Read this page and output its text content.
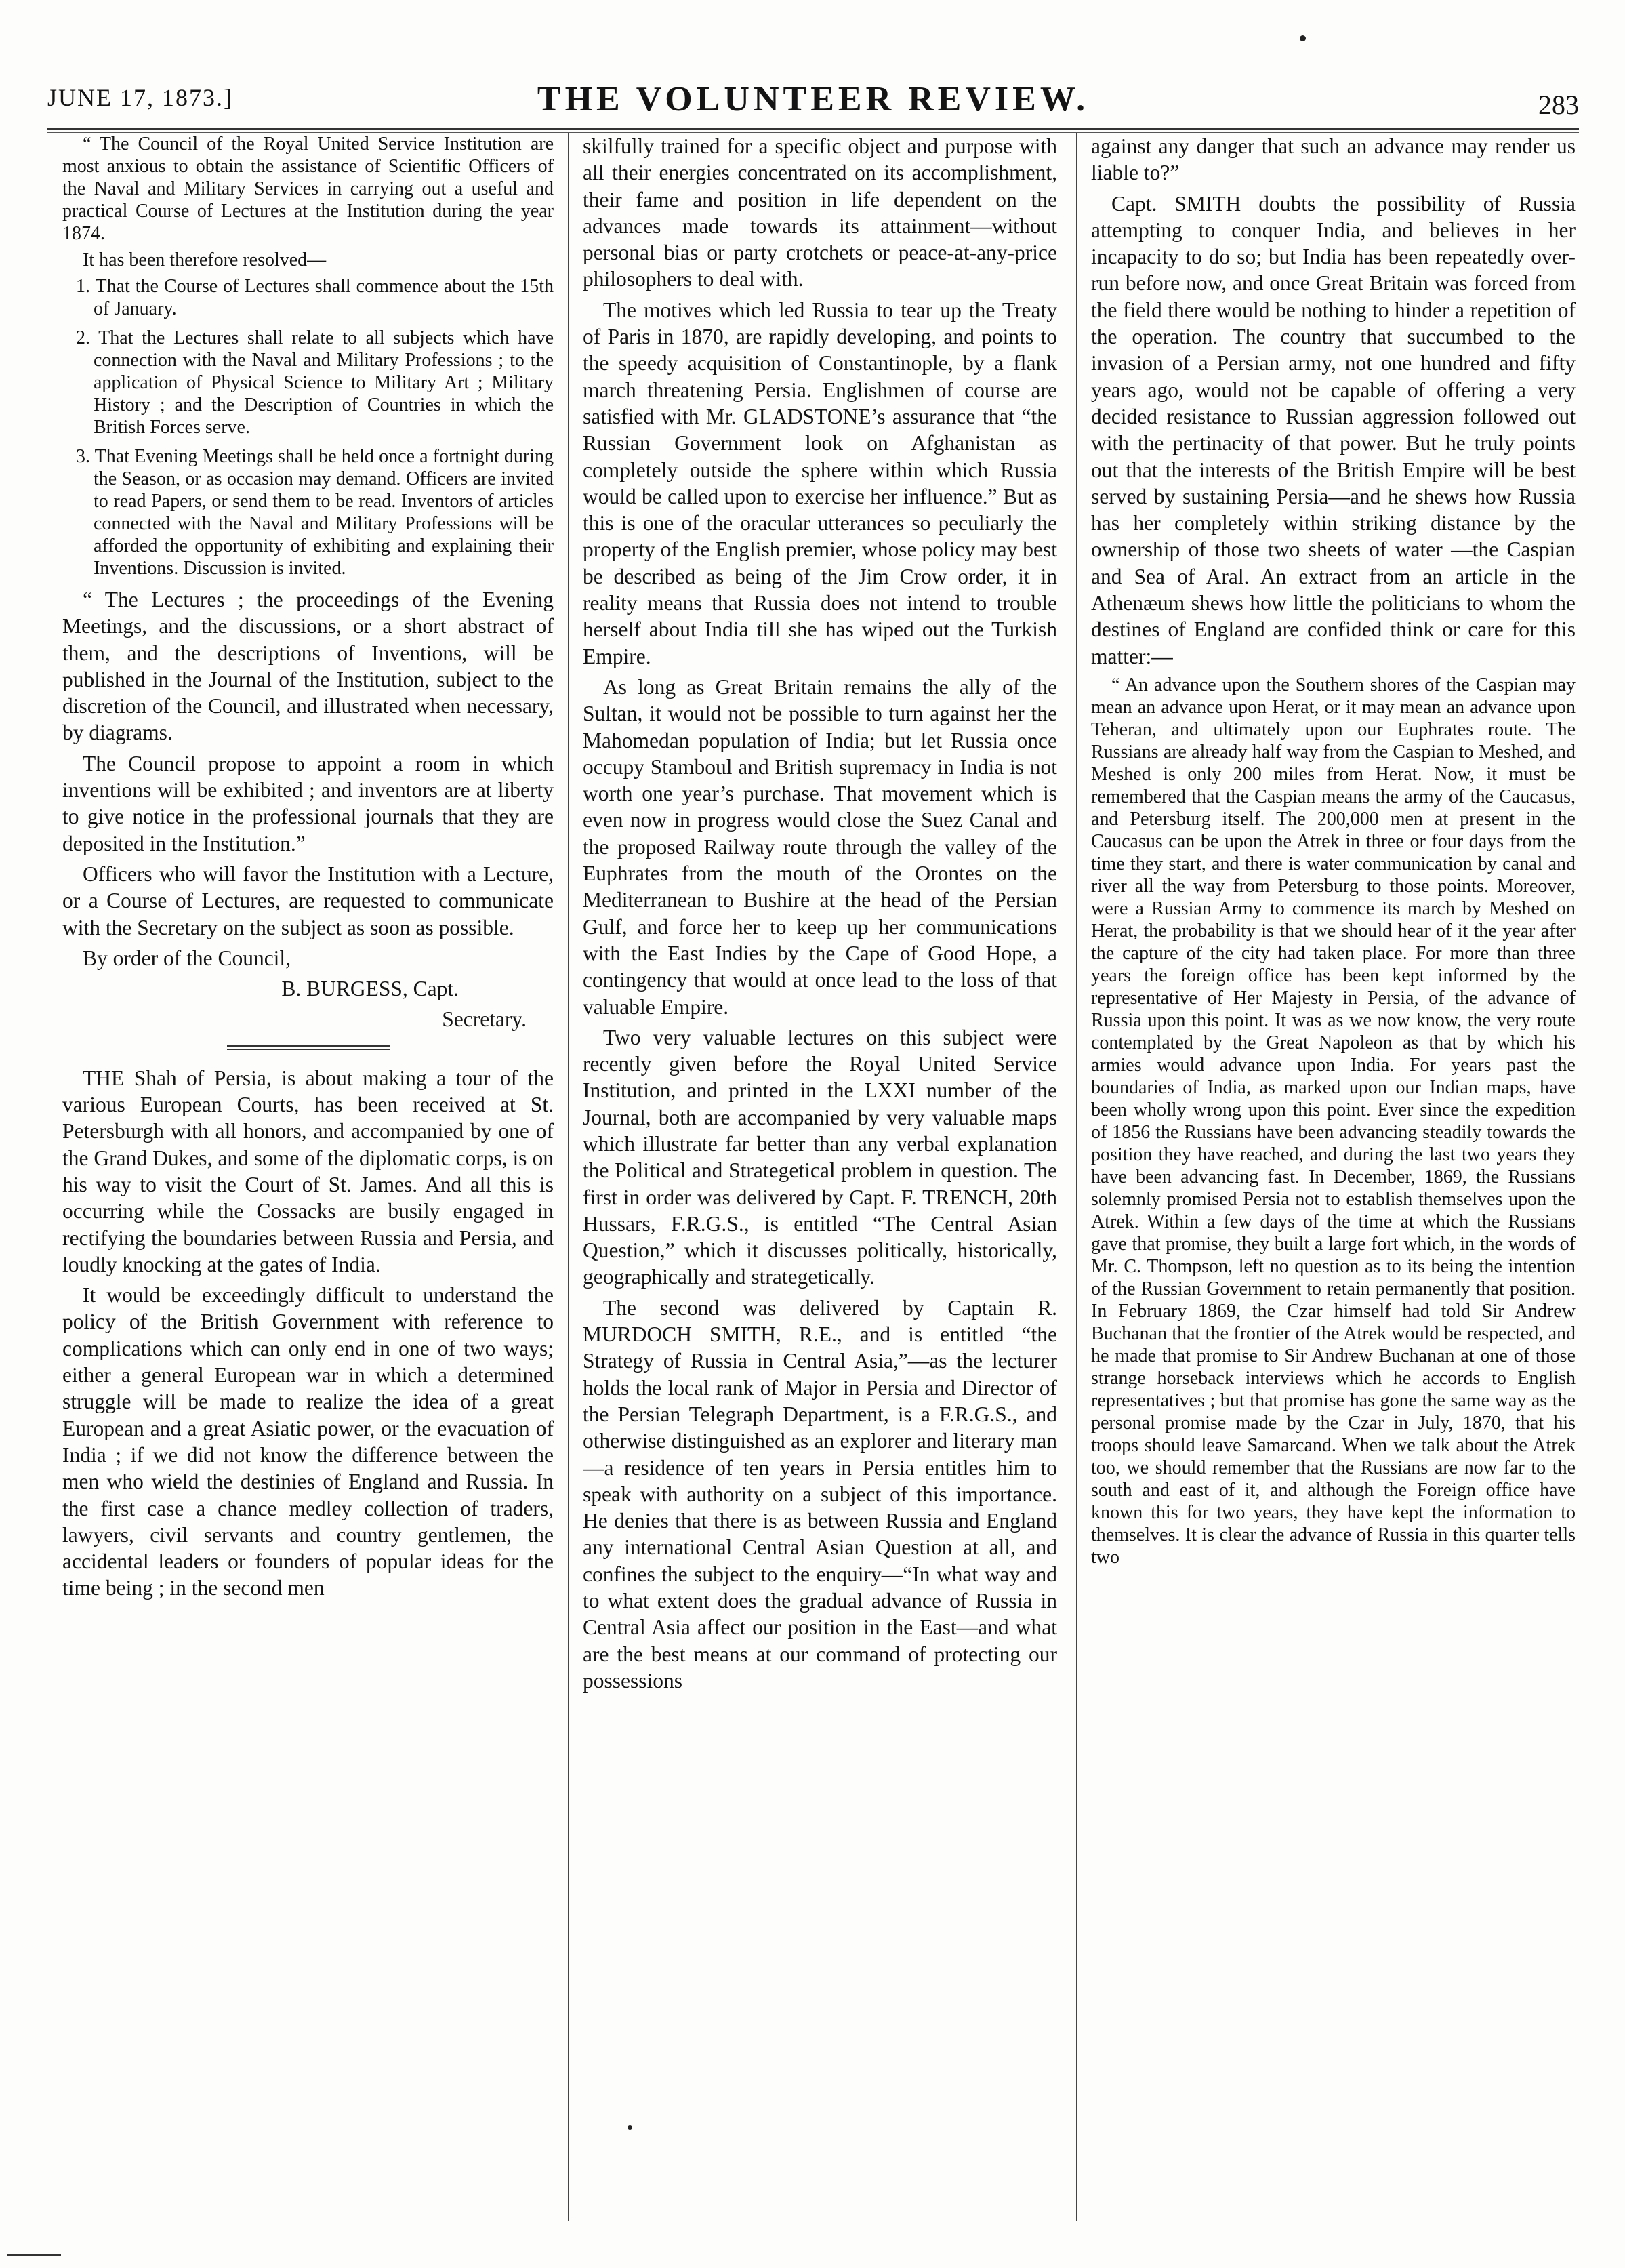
JUNE 17, 1873.]	THE VOLUNTEER REVIEW.	283

“ The Council of the Royal United Service Institution are most anxious to obtain the assistance of Scientific Officers of the Naval and Military Services in carrying out a useful and practical Course of Lectures at the Institution during the year 1874.

It has been therefore resolved—

1. That the Course of Lectures shall commence about the 15th of January.
2. That the Lectures shall relate to all subjects which have connection with the Naval and Military Professions ; to the application of Physical Science to Military Art ; Military History ; and the Description of Countries in which the British Forces serve.
3. That Evening Meetings shall be held once a fortnight during the Season, or as occasion may demand. Officers are invited to read Papers, or send them to be read. Inventors of articles connected with the Naval and Military Professions will be afforded the opportunity of exhibiting and explaining their Inventions. Discussion is invited.

“ The Lectures ; the proceedings of the Evening Meetings, and the discussions, or a short abstract of them, and the descriptions of Inventions, will be published in the Journal of the Institution, subject to the discretion of the Council, and illustrated when necessary, by diagrams.

The Council propose to appoint a room in which inventions will be exhibited ; and inventors are at liberty to give notice in the professional journals that they are deposited in the Institution.”

Officers who will favor the Institution with a Lecture, or a Course of Lectures, are requested to communicate with the Secretary on the subject as soon as possible.

By order of the Council,

B. BURGESS, Capt.

Secretary.

THE Shah of Persia, is about making a tour of the various European Courts, has been received at St. Petersburgh with all honors, and accompanied by one of the Grand Dukes, and some of the diplomatic corps, is on his way to visit the Court of St. James. And all this is occurring while the Cossacks are busily engaged in rectifying the boundaries between Russia and Persia, and loudly knocking at the gates of India.

It would be exceedingly difficult to understand the policy of the British Government with reference to complications which can only end in one of two ways; either a general European war in which a determined struggle will be made to realize the idea of a great European and a great Asiatic power, or the evacuation of India ; if we did not know the difference between the men who wield the destinies of England and Russia. In the first case a chance medley collection of traders, lawyers, civil servants and country gentlemen, the accidental leaders or founders of popular ideas for the time being ; in the second men

skilfully trained for a specific object and purpose with all their energies concentrated on its accomplishment, their fame and position in life dependent on the advances made towards its attainment—without personal bias or party crotchets or peace-at-any-price philosophers to deal with.

The motives which led Russia to tear up the Treaty of Paris in 1870, are rapidly developing, and points to the speedy acquisition of Constantinople, by a flank march threatening Persia. Englishmen of course are satisfied with Mr. GLADSTONE’s assurance that “the Russian Government look on Afghanistan as completely outside the sphere within which Russia would be called upon to exercise her influence.” But as this is one of the oracular utterances so peculiarly the property of the English premier, whose policy may best be described as being of the Jim Crow order, it in reality means that Russia does not intend to trouble herself about India till she has wiped out the Turkish Empire.

As long as Great Britain remains the ally of the Sultan, it would not be possible to turn against her the Mahomedan population of India; but let Russia once occupy Stamboul and British supremacy in India is not worth one year’s purchase. That movement which is even now in progress would close the Suez Canal and the proposed Railway route through the valley of the Euphrates from the mouth of the Orontes on the Mediterranean to Bushire at the head of the Persian Gulf, and force her to keep up her communications with the East Indies by the Cape of Good Hope, a contingency that would at once lead to the loss of that valuable Empire.

Two very valuable lectures on this subject were recently given before the Royal United Service Institution, and printed in the LXXI number of the Journal, both are accompanied by very valuable maps which illustrate far better than any verbal explanation the Political and Strategetical problem in question. The first in order was delivered by Capt. F. TRENCH, 20th Hussars, F.R.G.S., is entitled “The Central Asian Question,” which it discusses politically, historically, geographically and strategetically.

The second was delivered by Captain R. MURDOCH SMITH, R.E., and is entitled “the Strategy of Russia in Central Asia,”—as the lecturer holds the local rank of Major in Persia and Director of the Persian Telegraph Department, is a F.R.G.S., and otherwise distinguished as an explorer and literary man—a residence of ten years in Persia entitles him to speak with authority on a subject of this importance. He denies that there is as between Russia and England any international Central Asian Question at all, and confines the subject to the enquiry—“In what way and to what extent does the gradual advance of Russia in Central Asia affect our position in the East—and what are the best means at our command of protecting our possessions

against any danger that such an advance may render us liable to?”

Capt. SMITH doubts the possibility of Russia attempting to conquer India, and believes in her incapacity to do so; but India has been repeatedly over-run before now, and once Great Britain was forced from the field there would be nothing to hinder a repetition of the operation. The country that succumbed to the invasion of a Persian army, not one hundred and fifty years ago, would not be capable of offering a very decided resistance to Russian aggression followed out with the pertinacity of that power. But he truly points out that the interests of the British Empire will be best served by sustaining Persia—and he shews how Russia has her completely within striking distance by the ownership of those two sheets of water —the Caspian and Sea of Aral. An extract from an article in the Athenæum shews how little the politicians to whom the destines of England are confided think or care for this matter:—

“ An advance upon the Southern shores of the Caspian may mean an advance upon Herat, or it may mean an advance upon Teheran, and ultimately upon our Euphrates route. The Russians are already half way from the Caspian to Meshed, and Meshed is only 200 miles from Herat. Now, it must be remembered that the Caspian means the army of the Caucasus, and Petersburg itself. The 200,000 men at present in the Caucasus can be upon the Atrek in three or four days from the time they start, and there is water communication by canal and river all the way from Petersburg to those points. Moreover, were a Russian Army to commence its march by Meshed on Herat, the probability is that we should hear of it the year after the capture of the city had taken place. For more than three years the foreign office has been kept informed by the representative of Her Majesty in Persia, of the advance of Russia upon this point. It was as we now know, the very route contemplated by the Great Napoleon as that by which his armies would advance upon India. For years past the boundaries of India, as marked upon our Indian maps, have been wholly wrong upon this point. Ever since the expedition of 1856 the Russians have been advancing steadily towards the position they have reached, and during the last two years they have been advancing fast. In December, 1869, the Russians solemnly promised Persia not to establish themselves upon the Atrek. Within a few days of the time at which the Russians gave that promise, they built a large fort which, in the words of Mr. C. Thompson, left no question as to its being the intention of the Russian Government to retain permanently that position. In February 1869, the Czar himself had told Sir Andrew Buchanan that the frontier of the Atrek would be respected, and he made that promise to Sir Andrew Buchanan at one of those strange horseback interviews which he accords to English representatives ; but that promise has gone the same way as the personal promise made by the Czar in July, 1870, that his troops should leave Samarcand. When we talk about the Atrek too, we should remember that the Russians are now far to the south and east of it, and although the Foreign office have known this for two years, they have kept the information to themselves. It is clear the advance of Russia in this quarter tells two
